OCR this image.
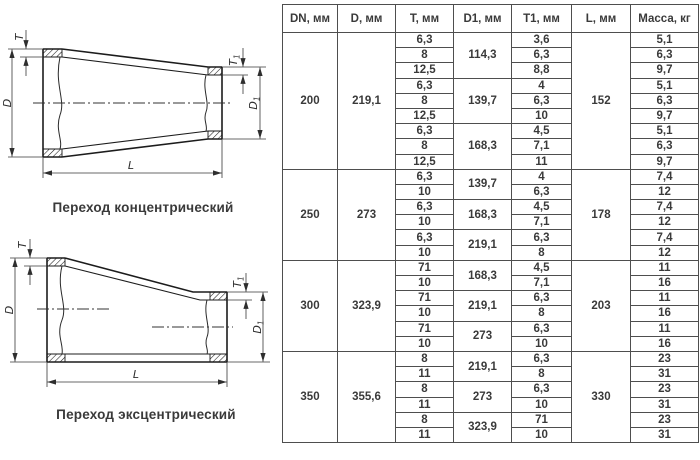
T
D
$T_1$
$D_1$
L
Переход концентрический

T
D
$T_1$
$D_1$
L
Переход эксцентрический
DN, мм	D, мм	T, мм	D1, мм	T1, мм	L, мм	Масса, кг
200	219,1	6,3	114,3	3,6	152	5,1
		8		6,3		6,3
		12,5		8,8		9,7
		6,3	139,7	4		5,1
		8		6,3		6,3
		12,5		10		9,7
		6,3	168,3	4,5		5,1
		8		7,1		6,3
		12,5		11		9,7
250	273	6,3	139,7	4	178	7,4
		10		6,3		12
		6,3	168,3	4,5		7,4
		10		7,1		12
		6,3	219,1	6,3		7,4
		10		8		12
300	323,9	71	168,3	4,5	203	11
		10		7,1		16
		71	219,1	6,3		11
		10		8		16
		71	273	6,3		11
		10		10		16
350	355,6	8	219,1	6,3	330	23
		11		8		31
		8	273	6,3		23
		11		10		31
		8	323,9	71		23
		11		10		31
